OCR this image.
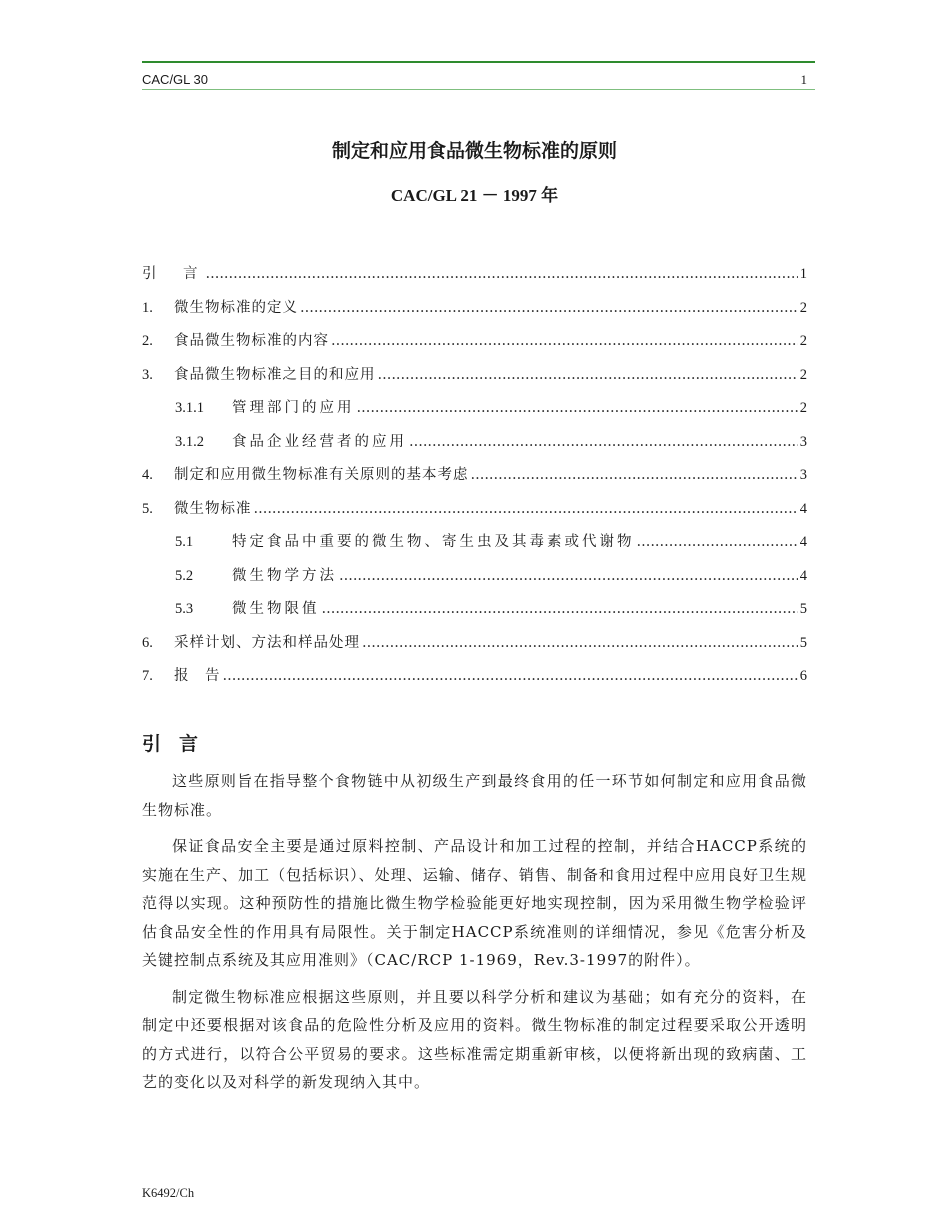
CAC/GL 30	1
制定和应用食品微生物标准的原则
CAC/GL 21 － 1997 年
引　言 .....	1
1.	微生物标准的定义 .....	2
2.	食品微生物标准的内容 .....	2
3.	食品微生物标准之目的和应用 .....	2
3.1.1	管理部门的应用 .....	2
3.1.2	食品企业经营者的应用 .....	3
4.	制定和应用微生物标准有关原则的基本考虑 .....	3
5.	微生物标准 .....	4
5.1	特定食品中重要的微生物、寄生虫及其毒素或代谢物 .....	4
5.2	微生物学方法 .....	4
5.3	微生物限值 .....	5
6.	采样计划、方法和样品处理 .....	5
7.	报　告 .....	6
引言

这些原则旨在指导整个食物链中从初级生产到最终食用的任一环节如何制定和应用食品微生物标准。

保证食品安全主要是通过原料控制、产品设计和加工过程的控制，并结合HACCP系统的实施在生产、加工（包括标识）、处理、运输、储存、销售、制备和食用过程中应用良好卫生规范得以实现。这种预防性的措施比微生物学检验能更好地实现控制，因为采用微生物学检验评估食品安全性的作用具有局限性。关于制定HACCP系统准则的详细情况，参见《危害分析及关键控制点系统及其应用准则》（CAC/RCP 1-1969，Rev.3-1997的附件）。

制定微生物标准应根据这些原则，并且要以科学分析和建议为基础；如有充分的资料，在制定中还要根据对该食品的危险性分析及应用的资料。微生物标准的制定过程要采取公开透明的方式进行，以符合公平贸易的要求。这些标准需定期重新审核，以便将新出现的致病菌、工艺的变化以及对科学的新发现纳入其中。

K6492/Ch
